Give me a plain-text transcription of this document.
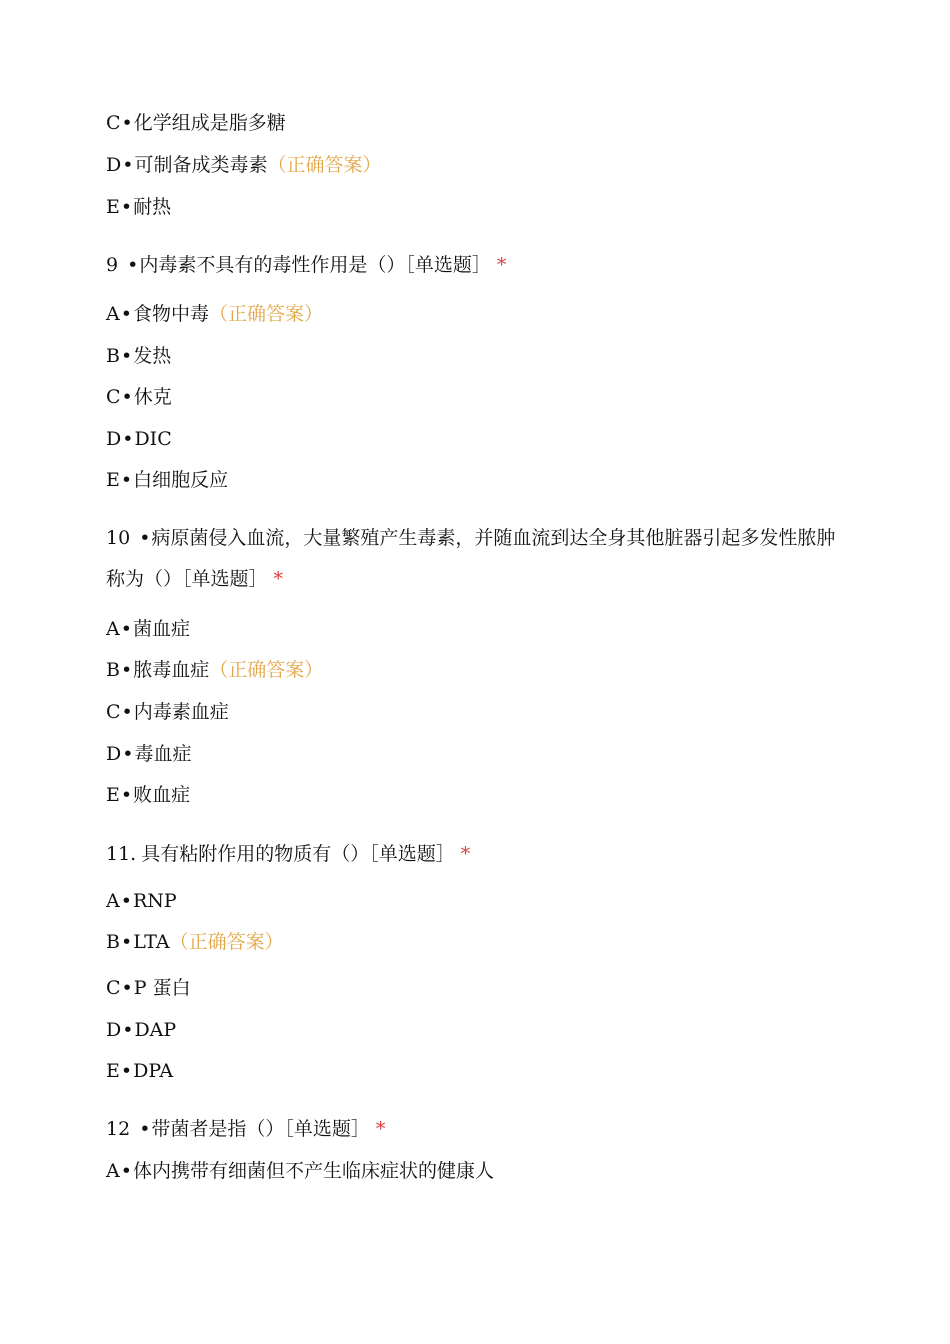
C•化学组成是脂多糖
D•可制备成类毒素（正确答案）
E•耐热
9 •内毒素不具有的毒性作用是（）［单选题］ *
A•食物中毒（正确答案）
B•发热
C•休克
D•DIC
E•白细胞反应
10 •病原菌侵入血流，大量繁殖产生毒素，并随血流到达全身其他脏器引起多发性脓肿称为（）［单选题］ *
A•菌血症
B•脓毒血症（正确答案）
C•内毒素血症
D•毒血症
E•败血症
11. 具有粘附作用的物质有（）［单选题］ *
A•RNP
B•LTA（正确答案）
C•P 蛋白
D•DAP
E•DPA
12 •带菌者是指（）［单选题］ *
A•体内携带有细菌但不产生临床症状的健康人
